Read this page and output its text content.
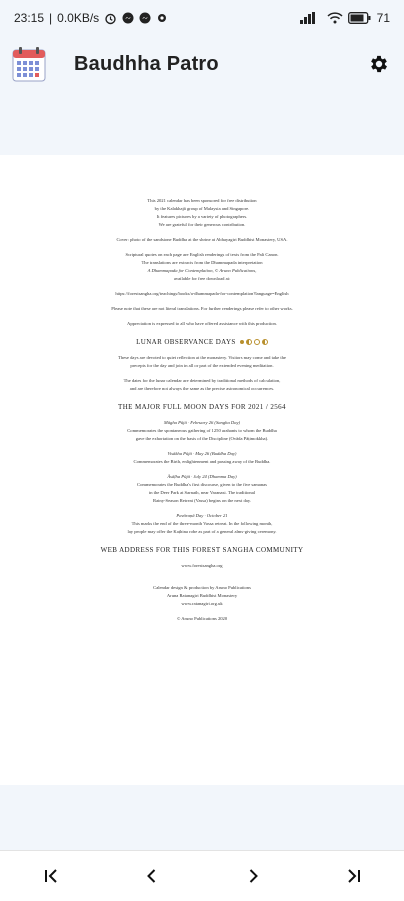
23:15 | 0.0KB/s	71
Baudhha Patro

This 2021 calendar has been sponsored for free distribution
by the Kalakhajā group of Malaysia and Singapore.
It features pictures by a variety of photographers.
We are grateful for their generous contribution.

Cover: photo of the sandstone Buddha at the shrine at Abhayagiri Buddhist Monastery, USA.

Scriptural quotes on each page are English renderings of texts from the Pali Canon.
The translations are extracts from the Dhammapada interpretation
A Dhammapada for Contemplation, © Aruno Publications,
available for free download at:

https://forestsangha.org/teachings/books/a-dhammapada-for-contemplation?language=English

Please note that these are not literal translations. For further renderings please refer to other works.

Appreciation is expressed to all who have offered assistance with this production.

LUNAR OBSERVANCE DAYS

These days are devoted to quiet reflection at the monastery. Visitors may come and take the
precepts for the day and join in all or part of the extended evening meditation.

The dates for the lunar calendar are determined by traditional methods of calculation,
and are therefore not always the same as the precise astronomical occurrences.

THE MAJOR FULL MOON DAYS FOR 2021 / 2564

Māgha Pūjā · February 26 (Sangha Day)
Commemorates the spontaneous gathering of 1250 arahants to whom the Buddha
gave the exhortation on the basis of the Discipline (Ovāda Pāṭimokkha).

Visākha Pūjā · May 26 (Buddha Day)
Commemorates the Birth, enlightenment and passing away of the Buddha.

Āsāḷha Pūjā · July 24 (Dhamma Day)
Commemorates the Buddha's first discourse, given to the five samanas
in the Deer Park at Sarnath, near Varanasi. The traditional
Rainy-Season Retreat (Vassa) begins on the next day.

Pavāraṇā Day · October 21
This marks the end of the three-month Vassa retreat. In the following month,
lay people may offer the Kaṭhina robe as part of a general alms-giving ceremony.

WEB ADDRESS FOR THIS FOREST SANGHA COMMUNITY

www.forestsangha.org

Calendar design & production by Aruno Publications
Aruna Ratanagiri Buddhist Monastery
www.ratanagiri.org.uk

© Aruno Publications 2020
